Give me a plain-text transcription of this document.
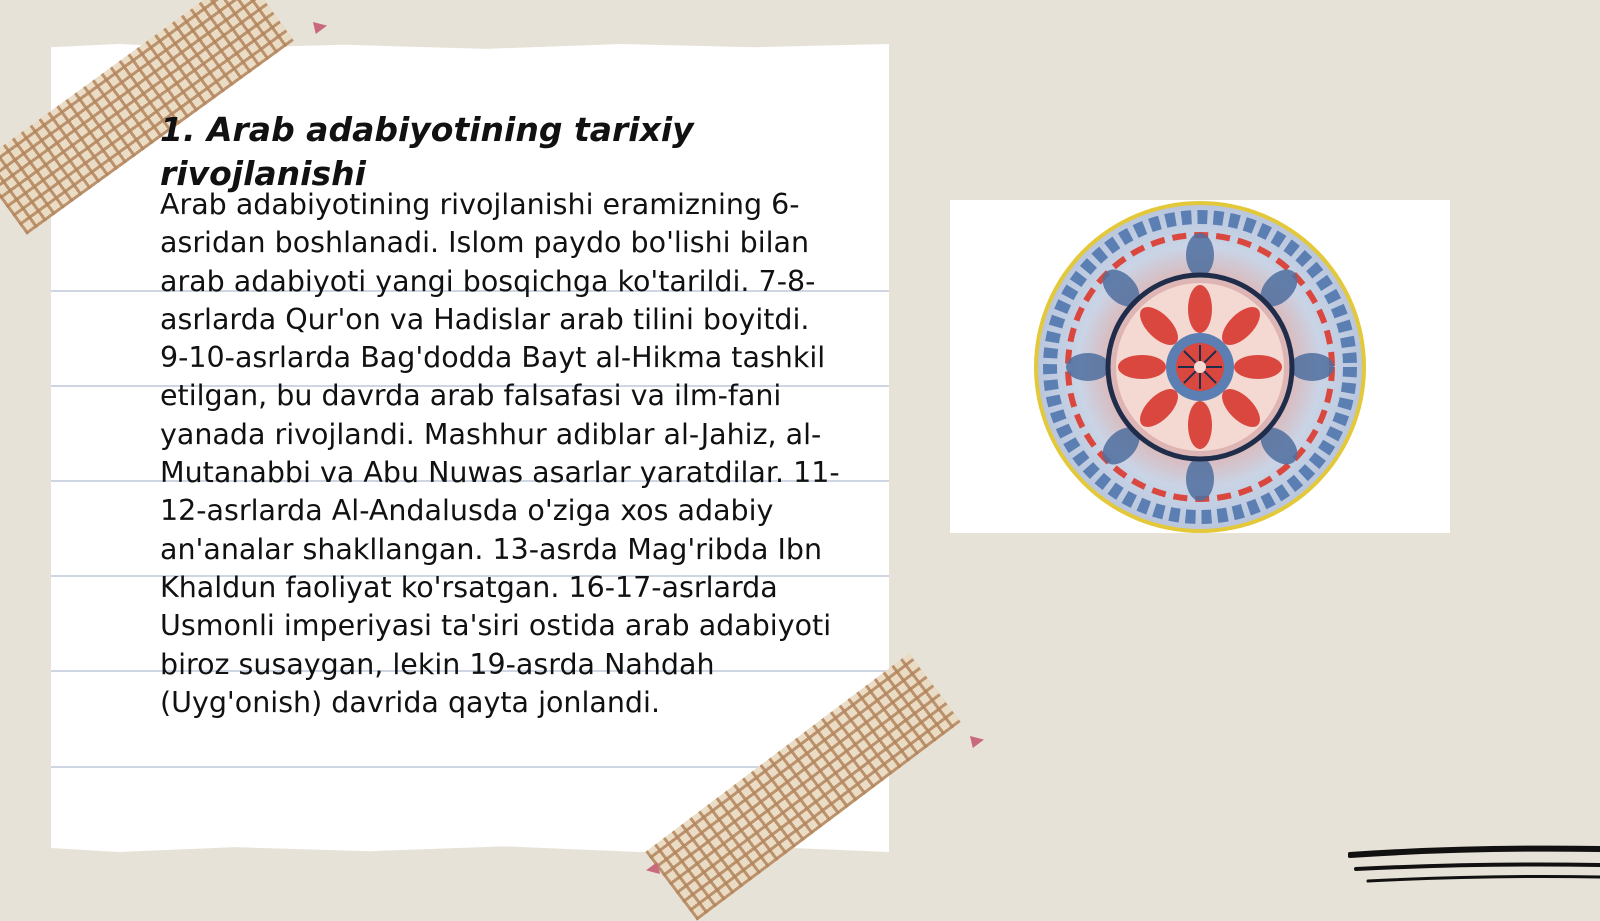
1. Arab adabiyotining tarixiy rivojlanishi

Arab adabiyotining rivojlanishi eramizning 6-asridan boshlanadi. Islom paydo bo'lishi bilan arab adabiyoti yangi bosqichga ko'tarildi. 7-8-asrlarda Qur'on va Hadislar arab tilini boyitdi. 9-10-asrlarda Bag'dodda Bayt al-Hikma tashkil etilgan, bu davrda arab falsafasi va ilm-fani yanada rivojlandi. Mashhur adiblar al-Jahiz, al-Mutanabbi va Abu Nuwas asarlar yaratdilar. 11-12-asrlarda Al-Andalusda o'ziga xos adabiy an'analar shakllangan. 13-asrda Mag'ribda Ibn Khaldun faoliyat ko'rsatgan. 16-17-asrlarda Usmonli imperiyasi ta'siri ostida arab adabiyoti biroz susaygan, lekin 19-asrda Nahdah (Uyg'onish) davrida qayta jonlandi.
